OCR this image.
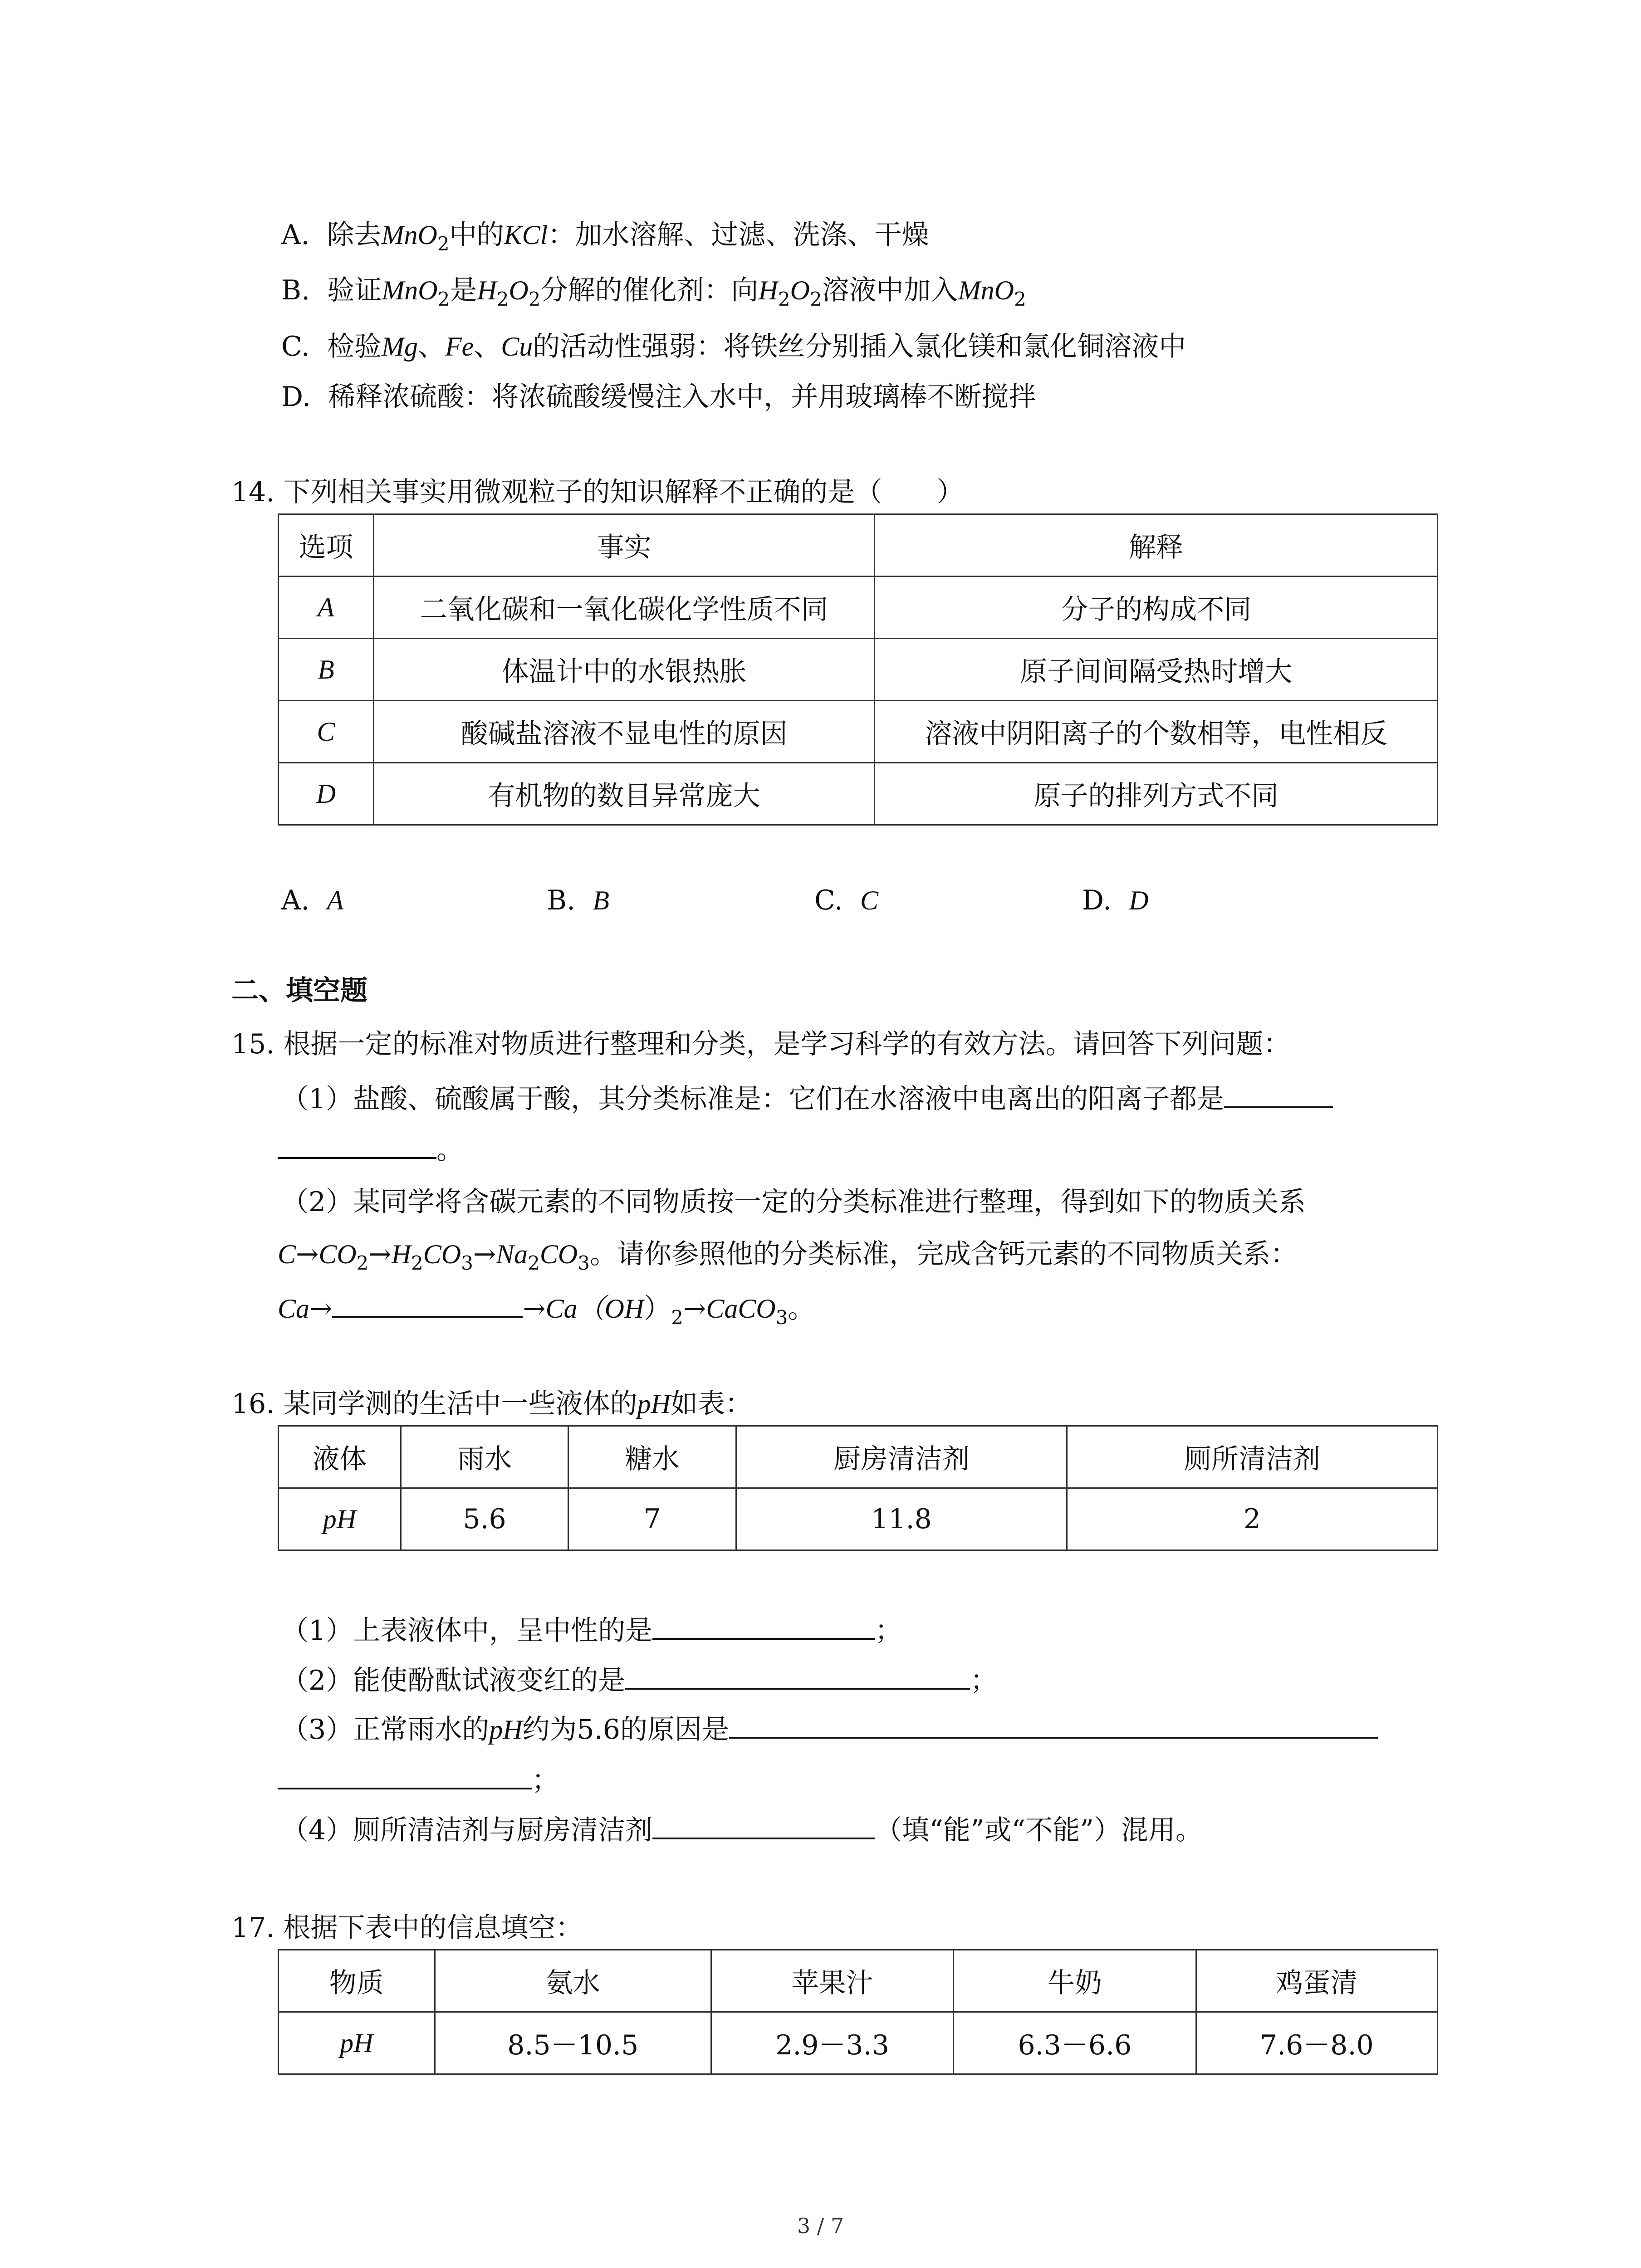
A. 除去MnO$_2$中的KCl：加水溶解、过滤、洗涤、干燥
B. 验证MnO$_2$是$H_2O_2$分解的催化剂：向$H_2O_2$溶液中加入MnO$_2$
C. 检验Mg、Fe、Cu的活动性强弱：将铁丝分别插入氯化镁和氯化铜溶液中
D. 稀释浓硫酸：将浓硫酸缓慢注入水中，并用玻璃棒不断搅拌
14. 下列相关事实用微观粒子的知识解释不正确的是（　　）
选项	事实	解释
A	二氧化碳和一氧化碳化学性质不同	分子的构成不同
B	体温计中的水银热胀	原子间间隔受热时增大
C	酸碱盐溶液不显电性的原因	溶液中阴阳离子的个数相等，电性相反
D	有机物的数目异常庞大	原子的排列方式不同
A. A	B. B	C. C	D. D
二、填空题
15. 根据一定的标准对物质进行整理和分类，是学习科学的有效方法。请回答下列问题：
（1）盐酸、硫酸属于酸，其分类标准是：它们在水溶液中电离出的阳离子都是
。
（2）某同学将含碳元素的不同物质按一定的分类标准进行整理，得到如下的物质关系
$C\to CO_2\to H_2CO_3\to Na_2CO_3$。请你参照他的分类标准，完成含钙元素的不同物质关系：
Ca→	$\to Ca(OH)_2\to CaCO_3$。
16. 某同学测的生活中一些液体的pH如表：
液体	雨水	糖水	厨房清洁剂	厕所清洁剂
pH	5.6	7	11.8	2
（1）上表液体中，呈中性的是	；
（2）能使酚酞试液变红的是	；
（3）正常雨水的pH约为5.6的原因是
；
（4）厕所清洁剂与厨房清洁剂	（填“能”或“不能”）混用。
17. 根据下表中的信息填空：
物质	氨水	苹果汁	牛奶	鸡蛋清
pH	8.5－10.5	2.9－3.3	6.3－6.6	7.6－8.0
3 / 7
